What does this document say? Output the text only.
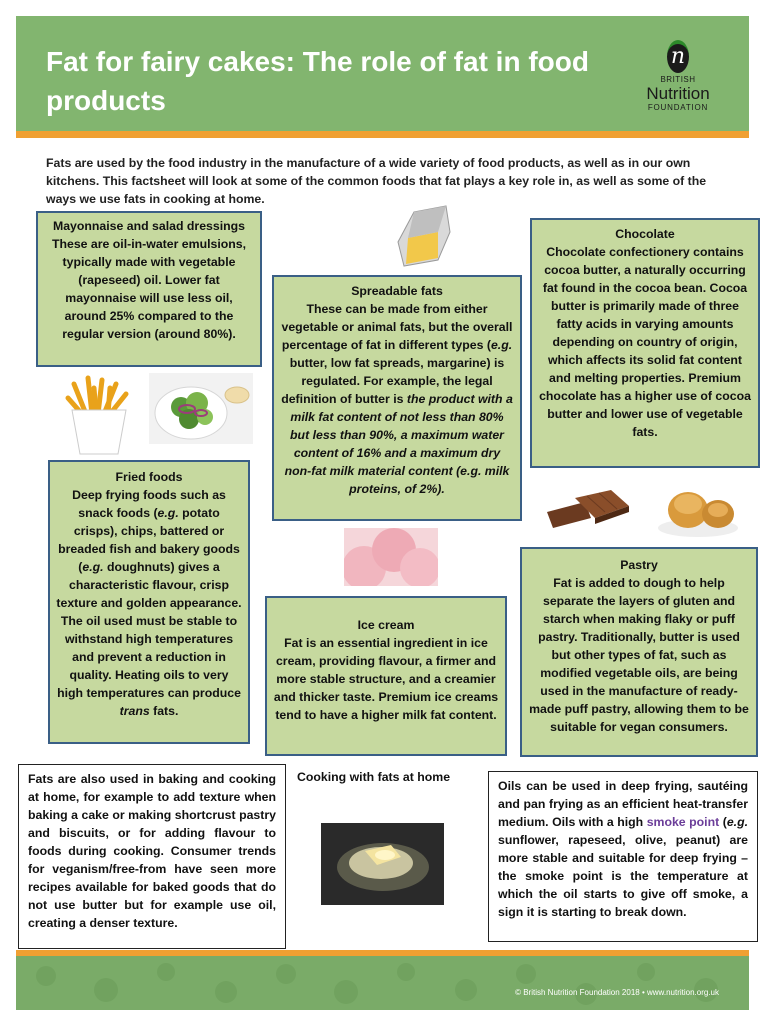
Fat for fairy cakes: The role of fat in food products
n
BRITISH
Nutrition
FOUNDATION
Fats are used by the food industry in the manufacture of a wide variety of food products, as well as in our own kitchens. This factsheet will look at some of the common foods that fat plays a key role in, as well as some of the ways we use fats in cooking at home.
Mayonnaise and salad dressings

These are oil-in-water emulsions, typically made with vegetable (rapeseed) oil. Lower fat mayonnaise will use less oil, around 25% compared to the regular version (around 80%).

Spreadable fats

These can be made from either vegetable or animal fats, but the overall percentage of fat in different types (e.g. butter, low fat spreads, margarine) is regulated. For example, the legal definition of butter is the product with a milk fat content of not less than 80% but less than 90%, a maximum water content of 16% and a maximum dry non-fat milk material content (e.g. milk proteins, of 2%).

Chocolate

Chocolate confectionery contains cocoa butter, a naturally occurring fat found in the cocoa bean. Cocoa butter is primarily made of three fatty acids in varying amounts depending on country of origin, which affects its solid fat content and melting properties. Premium chocolate has a higher use of cocoa butter and lower use of vegetable fats.

Fried foods

Deep frying foods such as snack foods (e.g. potato crisps), chips, battered or breaded fish and bakery goods (e.g. doughnuts) gives a characteristic flavour, crisp texture and golden appearance. The oil used must be stable to withstand high temperatures and prevent a reduction in quality. Heating oils to very high temperatures can produce trans fats.

Ice cream

Fat is an essential ingredient in ice cream, providing flavour, a firmer and more stable structure, and a creamier and thicker taste. Premium ice creams tend to have a higher milk fat content.

Pastry

Fat is added to dough to help separate the layers of gluten and starch when making flaky or puff pastry. Traditionally, butter is used but other types of fat, such as modified vegetable oils, are being used in the manufacture of ready-made puff pastry, allowing them to be suitable for vegan consumers.

Fats are also used in baking and cooking at home, for example to add texture when baking a cake or making shortcrust pastry and biscuits, or for adding flavour to foods during cooking. Consumer trends for veganism/free-from have seen more recipes available for baked goods that do not use butter but for example use oil, creating a denser texture.
Cooking with fats at home
Oils can be used in deep frying, sautéing and pan frying as an efficient heat-transfer medium. Oils with a high smoke point (e.g. sunflower, rapeseed, olive, peanut) are more stable and suitable for deep frying – the smoke point is the temperature at which the oil starts to give off smoke, a sign it is starting to break down.
© British Nutrition Foundation 2018 • www.nutrition.org.uk
